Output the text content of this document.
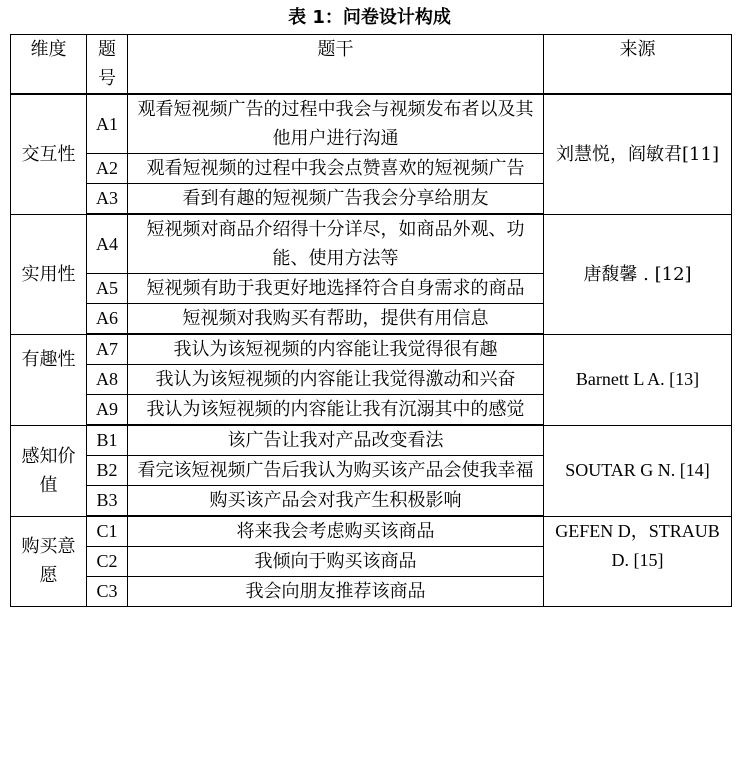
表 1：问卷设计构成
维度	题号	题干	来源
交互性	A1	观看短视频广告的过程中我会与视频发布者以及其他用户进行沟通	刘慧悦，阎敏君[11]
	A2	观看短视频的过程中我会点赞喜欢的短视频广告	
	A3	看到有趣的短视频广告我会分享给朋友	
实用性	A4	短视频对商品介绍得十分详尽，如商品外观、功能、使用方法等	唐馥馨 . [12]
	A5	短视频有助于我更好地选择符合自身需求的商品	
	A6	短视频对我购买有帮助，提供有用信息	
有趣性	A7	我认为该短视频的内容能让我觉得很有趣	Barnett L A. [13]
	A8	我认为该短视频的内容能让我觉得激动和兴奋	
	A9	我认为该短视频的内容能让我有沉溺其中的感觉	
感知价值	B1	该广告让我对产品改变看法	SOUTAR G N. [14]
	B2	看完该短视频广告后我认为购买该产品会使我幸福	
	B3	购买该产品会对我产生积极影响	
购买意愿	C1	将来我会考虑购买该商品	GEFEN D，STRAUB D. [15]
	C2	我倾向于购买该商品	
	C3	我会向朋友推荐该商品	
